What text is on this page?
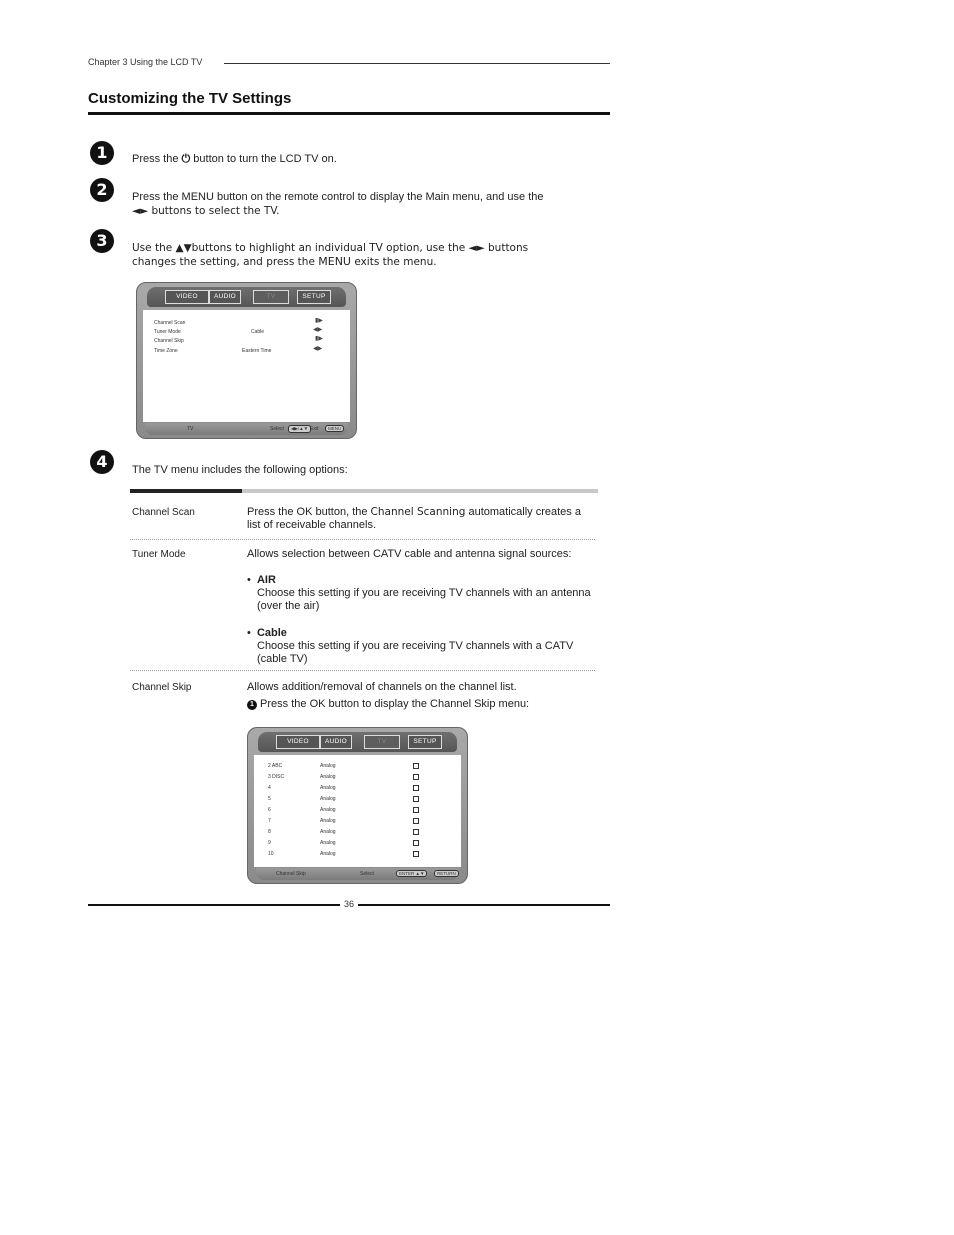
Chapter 3 Using the LCD TV
Customizing the TV Settings
1	Press the ⏻ button to turn the LCD TV on.
2	Press the MENU button on the remote control to display the Main menu, and use the
◄► buttons to select the TV.
3	Use the ▲▼buttons to highlight an individual TV option, use the ◄► buttons
changes the setting, and press the MENU exits the menu.
VIDEO	AUDIO	TV	SETUP
Channel Scan	▮▶
Tuner Mode	Cable	◀▶
Channel Skip	▮▶
Time Zone	Eastern Time	◀▶
TV	Select	◀▶/▲▼ Exit	MENU
4	The TV menu includes the following options:
Channel Scan	Press the OK button, the Channel Scanning automatically creates a
list of receivable channels.
Tuner Mode	Allows selection between CATV cable and antenna signal sources:
•  AIR
Choose this setting if you are receiving TV channels with an antenna
(over the air)
•  Cable
Choose this setting if you are receiving TV channels with a CATV
(cable TV)
Channel Skip	Allows addition/removal of channels on the channel list.
1 Press the OK button to display the Channel Skip menu:
VIDEO	AUDIO	TV	SETUP
2 ABC	Analog
3 DISC	Analog
4	Analog
5	Analog
6	Analog
7	Analog
8	Analog
9	Analog
10	Analog
Channel Skip	Select	ENTER ▲▼	RETURN
36
